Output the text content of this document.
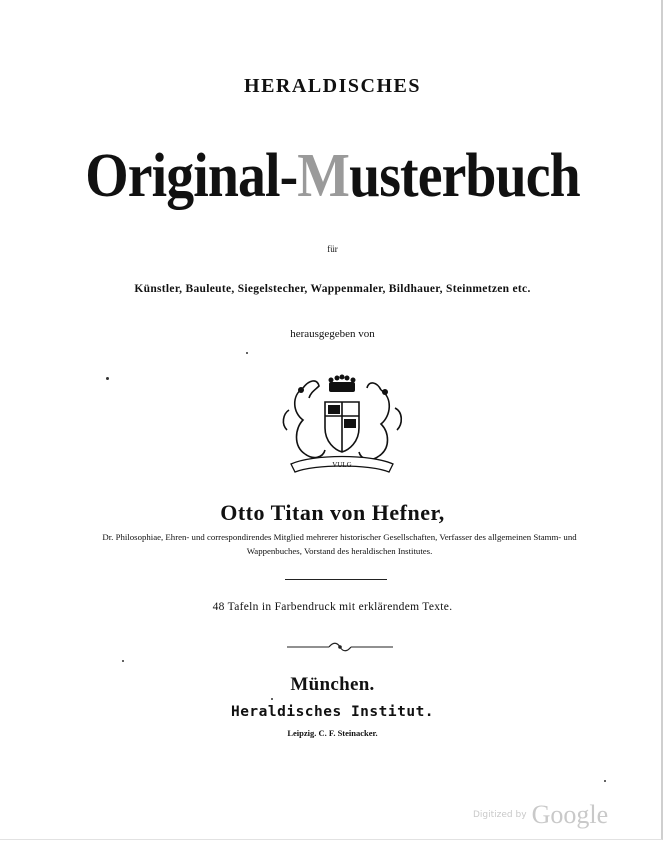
HERALDISCHES
Original-Musterbuch
für
Künstler, Bauleute, Siegelstecher, Wappenmaler, Bildhauer, Steinmetzen etc.
herausgegeben von
VULG
Otto Titan von Hefner,
Dr. Philosophiae, Ehren- und correspondirendes Mitglied mehrerer historischer Gesellschaften, Verfasser des allgemeinen Stamm- und Wappenbuches, Vorstand des heraldischen Institutes.
48 Tafeln in Farbendruck mit erklärendem Texte.
München.
Heraldisches Institut.
Leipzig. C. F. Steinacker.
Digitized by Google
